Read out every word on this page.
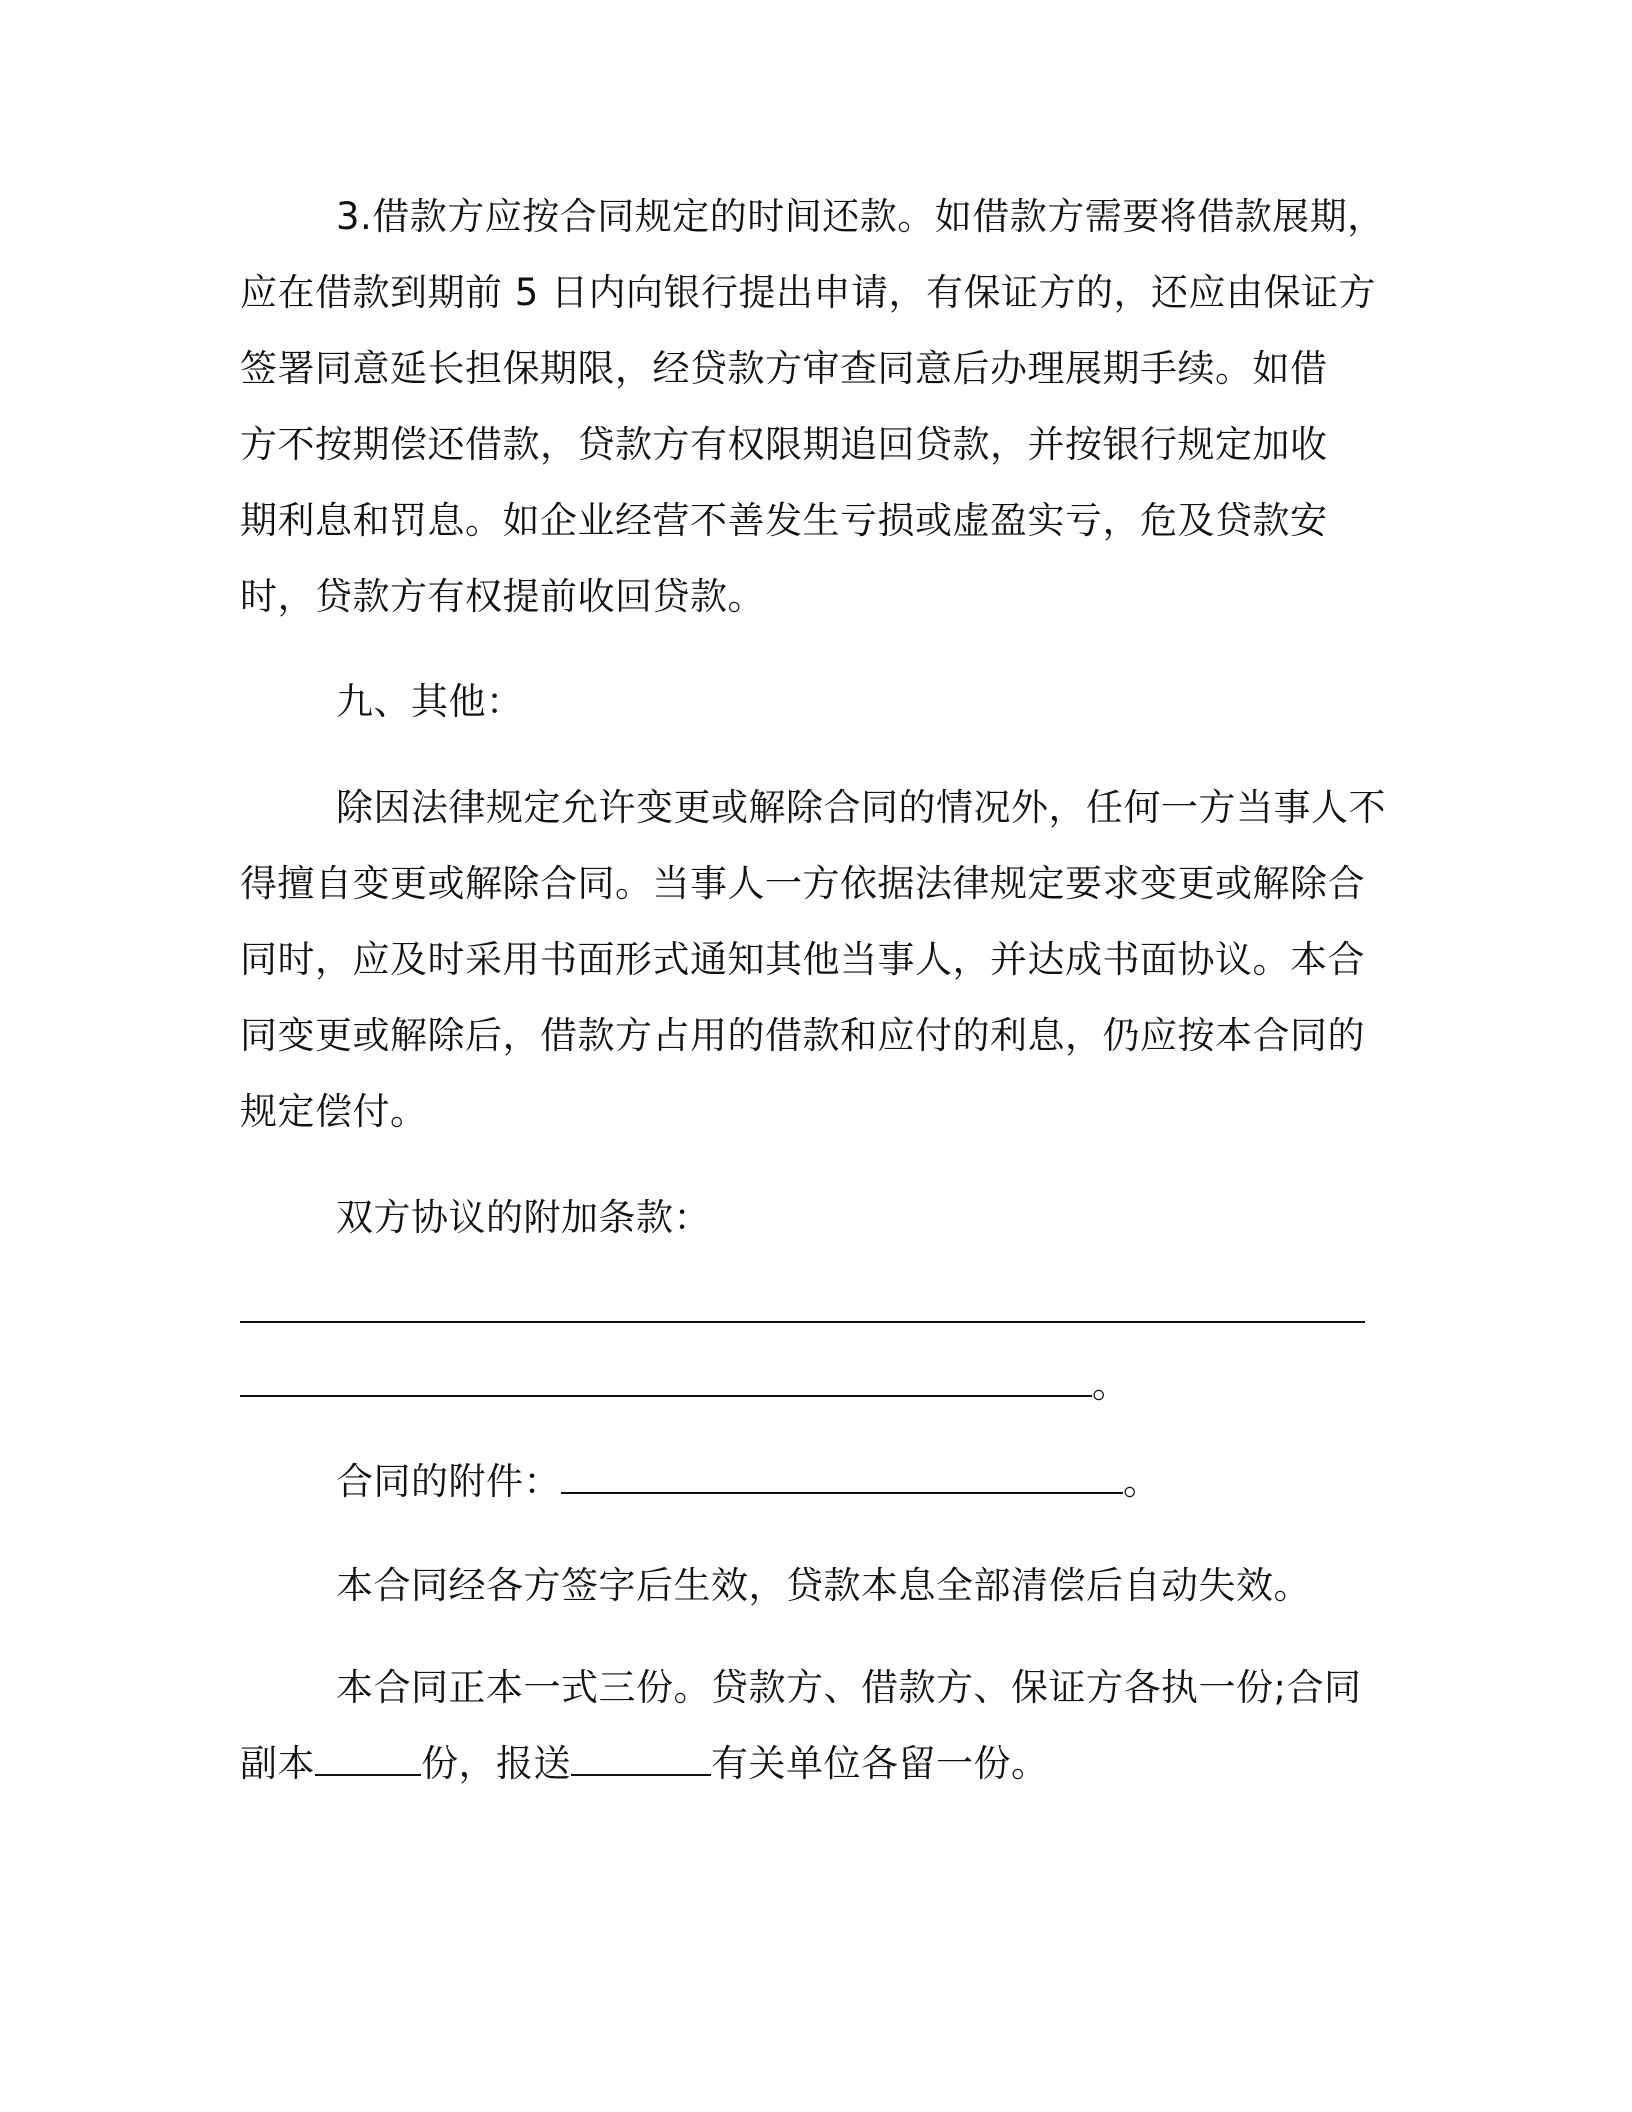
3.借款方应按合同规定的时间还款。如借款方需要将借款展期，
应在借款到期前 5 日内向银行提出申请，有保证方的，还应由保证方
签署同意延长担保期限，经贷款方审查同意后办理展期手续。如借
方不按期偿还借款，贷款方有权限期追回贷款，并按银行规定加收
期利息和罚息。如企业经营不善发生亏损或虚盈实亏，危及贷款安
时，贷款方有权提前收回贷款。
九、其他：
除因法律规定允许变更或解除合同的情况外，任何一方当事人不
得擅自变更或解除合同。当事人一方依据法律规定要求变更或解除合
同时，应及时采用书面形式通知其他当事人，并达成书面协议。本合
同变更或解除后，借款方占用的借款和应付的利息，仍应按本合同的
规定偿付。
双方协议的附加条款：
。
合同的附件：	。
本合同经各方签字后生效，贷款本息全部清偿后自动失效。
本合同正本一式三份。贷款方、借款方、保证方各执一份;合同
副本	份，报送	有关单位各留一份。
